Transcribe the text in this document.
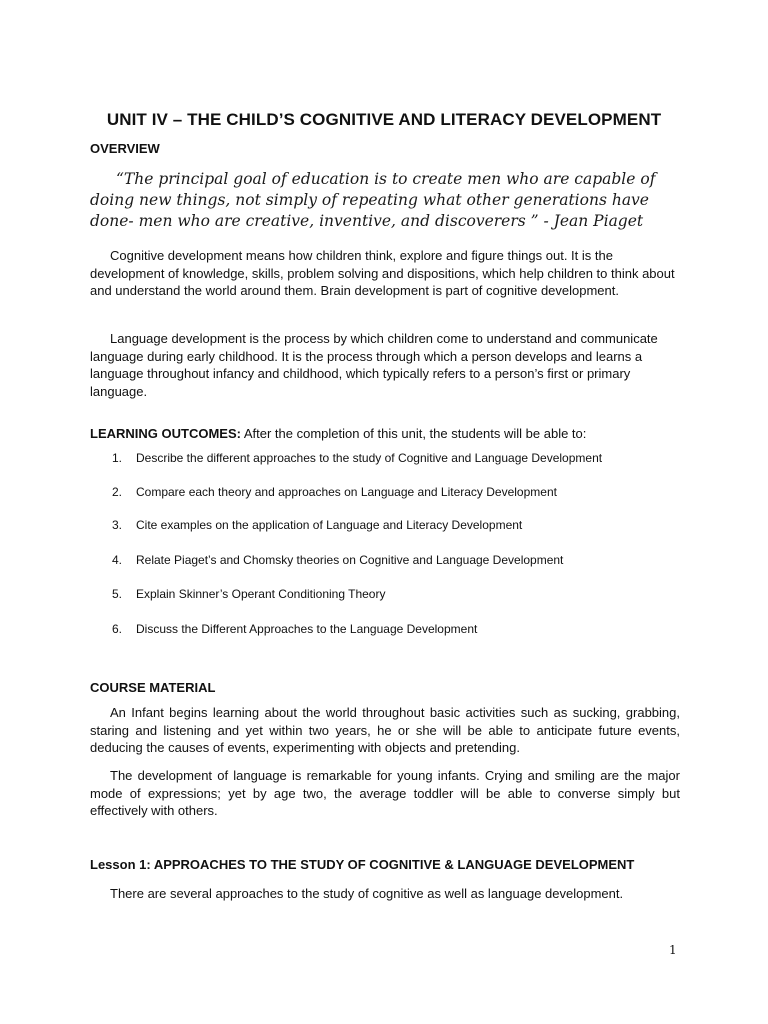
UNIT IV – THE CHILD’S COGNITIVE AND LITERACY DEVELOPMENT
OVERVIEW
“The principal goal of education is to create men who are capable of doing new things, not simply of repeating what other generations have done- men who are creative, inventive, and discoverers ” - Jean Piaget

Cognitive development means how children think, explore and figure things out. It is the development of knowledge, skills, problem solving and dispositions, which help children to think about and understand the world around them. Brain development is part of cognitive development.

Language development is the process by which children come to understand and communicate language during early childhood. It is the process through which a person develops and learns a language throughout infancy and childhood, which typically refers to a person’s first or primary language.

LEARNING OUTCOMES: After the completion of this unit, the students will be able to:
1. Describe the different approaches to the study of Cognitive and Language Development
2. Compare each theory and approaches on Language and Literacy Development
3. Cite examples on the application of Language and Literacy Development
4. Relate Piaget’s and Chomsky theories on Cognitive and Language Development
5. Explain Skinner’s Operant Conditioning Theory
6. Discuss the Different Approaches to the Language Development
COURSE MATERIAL

An Infant begins learning about the world throughout basic activities such as sucking, grabbing, staring and listening and yet within two years, he or she will be able to anticipate future events, deducing the causes of events, experimenting with objects and pretending.

The development of language is remarkable for young infants. Crying and smiling are the major mode of expressions; yet by age two, the average toddler will be able to converse simply but effectively with others.

Lesson 1: APPROACHES TO THE STUDY OF COGNITIVE & LANGUAGE DEVELOPMENT

There are several approaches to the study of cognitive as well as language development.

1
